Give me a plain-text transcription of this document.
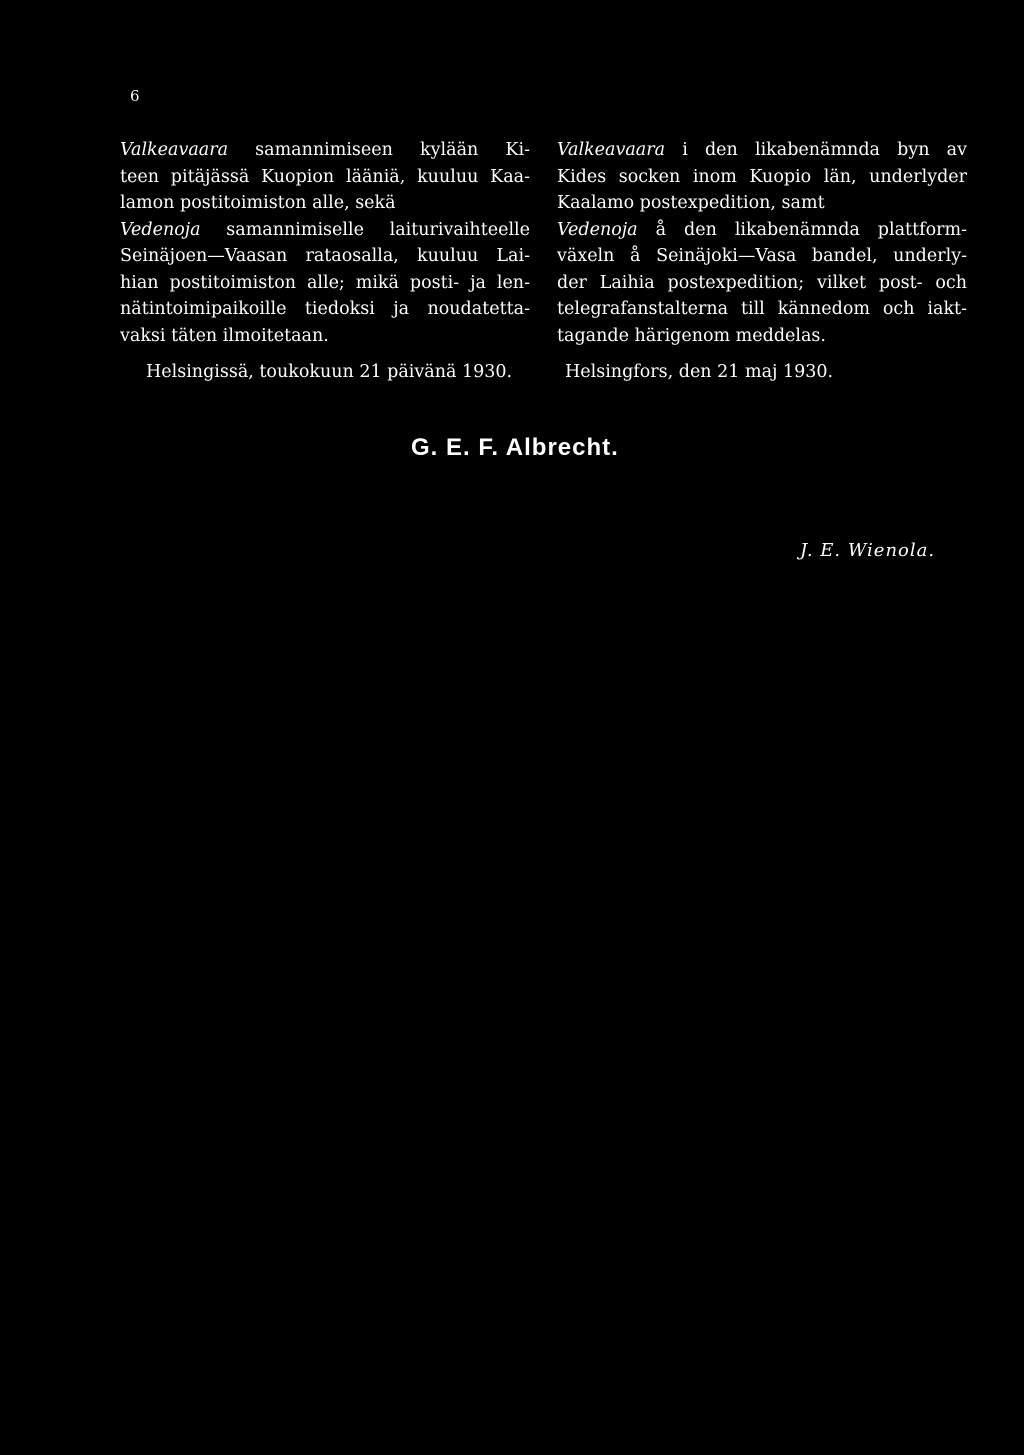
6
Valkeavaara samannimiseen kylään Ki-
teen pitäjässä Kuopion lääniä, kuuluu Kaa-
lamon postitoimiston alle, sekä
Vedenoja samannimiselle laiturivaihteelle
Seinäjoen—Vaasan rataosalla, kuuluu Lai-
hian postitoimiston alle; mikä posti- ja len-
nätintoimipaikoille tiedoksi ja noudatetta-
vaksi täten ilmoitetaan.
Valkeavaara i den likabenämnda byn av
Kides socken inom Kuopio län, underlyder
Kaalamo postexpedition, samt
Vedenoja å den likabenämnda plattform-
växeln å Seinäjoki—Vasa bandel, underly-
der Laihia postexpedition; vilket post- och
telegrafanstalterna till kännedom och iakt-
tagande härigenom meddelas.
Helsingissä, toukokuun 21 päivänä 1930.	Helsingfors, den 21 maj 1930.
G. E. F. Albrecht.
J. E. Wienola.
